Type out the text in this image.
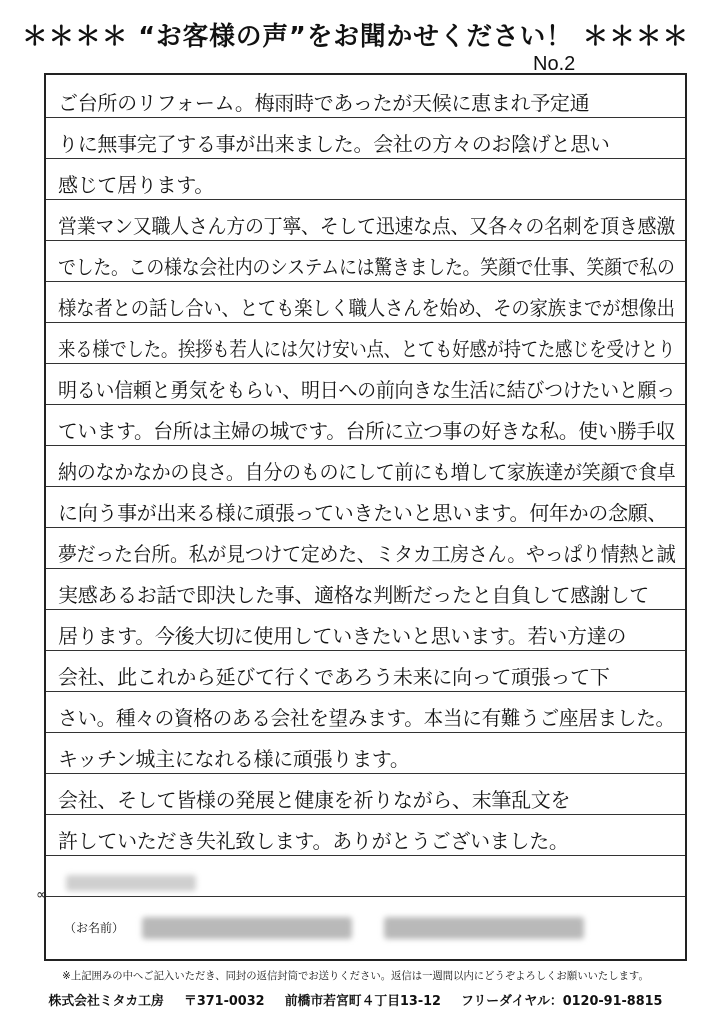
＊＊＊＊ “お客様の声”をお聞かせください！ ＊＊＊＊
No.2
ご台所のリフォーム。梅雨時であったが天候に恵まれ予定通
りに無事完了する事が出来ました。会社の方々のお陰げと思い
感じて居ります。
営業マン又職人さん方の丁寧、そして迅速な点、又各々の名刺を頂き感激
でした。この様な会社内のシステムには驚きました。笑顔で仕事、笑顔で私の
様な者との話し合い、とても楽しく職人さんを始め、その家族までが想像出
来る様でした。挨拶も若人には欠け安い点、とても好感が持てた感じを受けとり
明るい信頼と勇気をもらい、明日への前向きな生活に結びつけたいと願っ
ています。台所は主婦の城です。台所に立つ事の好きな私。使い勝手収
納のなかなかの良さ。自分のものにして前にも増して家族達が笑顔で食卓
に向う事が出来る様に頑張っていきたいと思います。何年かの念願、
夢だった台所。私が見つけて定めた、ミタカ工房さん。やっぱり情熱と誠
実感あるお話で即決した事、適格な判断だったと自負して感謝して
居ります。今後大切に使用していきたいと思います。若い方達の
会社、此これから延びて行くであろう未来に向って頑張って下
さい。種々の資格のある会社を望みます。本当に有難うご座居ました。
キッチン城主になれる様に頑張ります。
会社、そして皆様の発展と健康を祈りながら、末筆乱文を
許していただき失礼致します。ありがとうございました。
∞
（お名前）
※上記囲みの中へご記入いただき、同封の返信封筒でお送りください。返信は一週間以内にどうぞよろしくお願いいたします。
株式会社ミタカ工房 〒371-0032 前橋市若宮町４丁目13-12 フリーダイヤル：0120-91-8815
